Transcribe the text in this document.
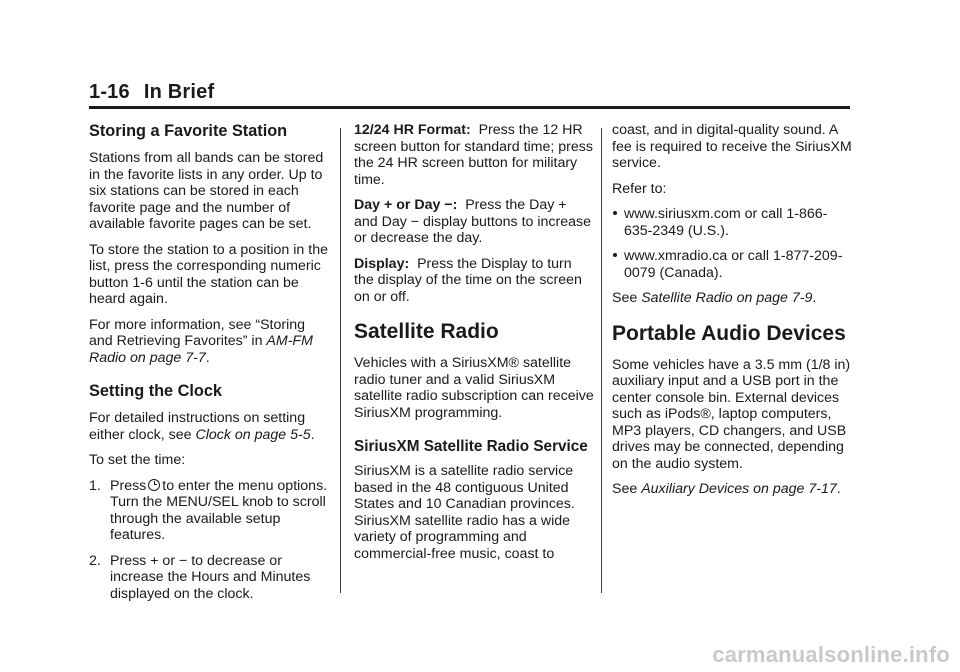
1-16 In Brief
Storing a Favorite Station

Stations from all bands can be stored in the favorite lists in any order. Up to six stations can be stored in each favorite page and the number of available favorite pages can be set.

To store the station to a position in the list, press the corresponding numeric button 1-6 until the station can be heard again.

For more information, see “Storing and Retrieving Favorites” in AM-FM Radio on page 7-7.

Setting the Clock

For detailed instructions on setting either clock, see Clock on page 5-5.

To set the time:

1. Press to enter the menu options. Turn the MENU/SEL knob to scroll through the available setup features.
2. Press + or − to decrease or increase the Hours and Minutes displayed on the clock.

12/24 HR Format: Press the 12 HR screen button for standard time; press the 24 HR screen button for military time.

Day + or Day −: Press the Day + and Day − display buttons to increase or decrease the day.

Display: Press the Display to turn the display of the time on the screen on or off.

Satellite Radio

Vehicles with a SiriusXM® satellite radio tuner and a valid SiriusXM satellite radio subscription can receive SiriusXM programming.

SiriusXM Satellite Radio Service

SiriusXM is a satellite radio service based in the 48 contiguous United States and 10 Canadian provinces. SiriusXM satellite radio has a wide variety of programming and commercial-free music, coast to

coast, and in digital-quality sound. A fee is required to receive the SiriusXM service.

Refer to:

www.siriusxm.com or call 1-866-635-2349 (U.S.).
www.xmradio.ca or call 1-877-209-0079 (Canada).

See Satellite Radio on page 7-9.

Portable Audio Devices

Some vehicles have a 3.5 mm (1/8 in) auxiliary input and a USB port in the center console bin. External devices such as iPods®, laptop computers, MP3 players, CD changers, and USB drives may be connected, depending on the audio system.

See Auxiliary Devices on page 7-17.

carmanualsonline.info
